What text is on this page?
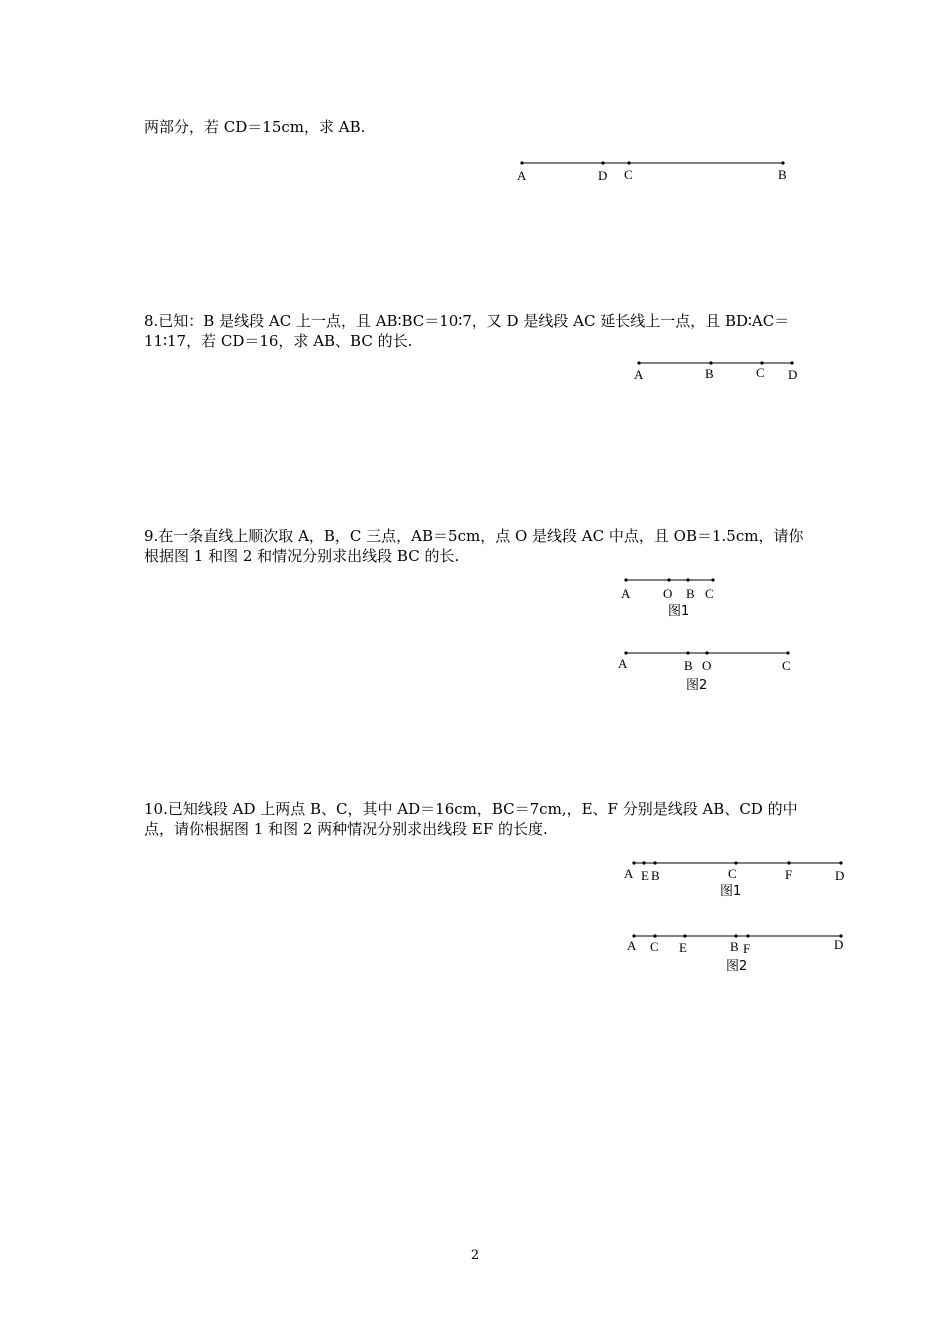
两部分，若 CD＝15cm，求 AB.

8.已知：B 是线段 AC 上一点，且 AB∶BC＝10∶7，又 D 是线段 AC 延长线上一点，且 BD∶AC＝11∶17，若 CD＝16，求 AB、BC 的长.

9.在一条直线上顺次取 A，B，C 三点，AB＝5cm，点 O 是线段 AC 中点，且 OB＝1.5cm，请你根据图 1 和图 2 和情况分别求出线段 BC 的长.

10.已知线段 AD 上两点 B、C，其中 AD＝16cm，BC＝7cm,，E、F 分别是线段 AB、CD 的中点，请你根据图 1 和图 2 两种情况分别求出线段 EF 的长度.

A	D C	B
A	B	C D
A	O B C
图1
A	B O	C
图2
A E B	C	F	D
图1
A C E	B F	D
图2
2
